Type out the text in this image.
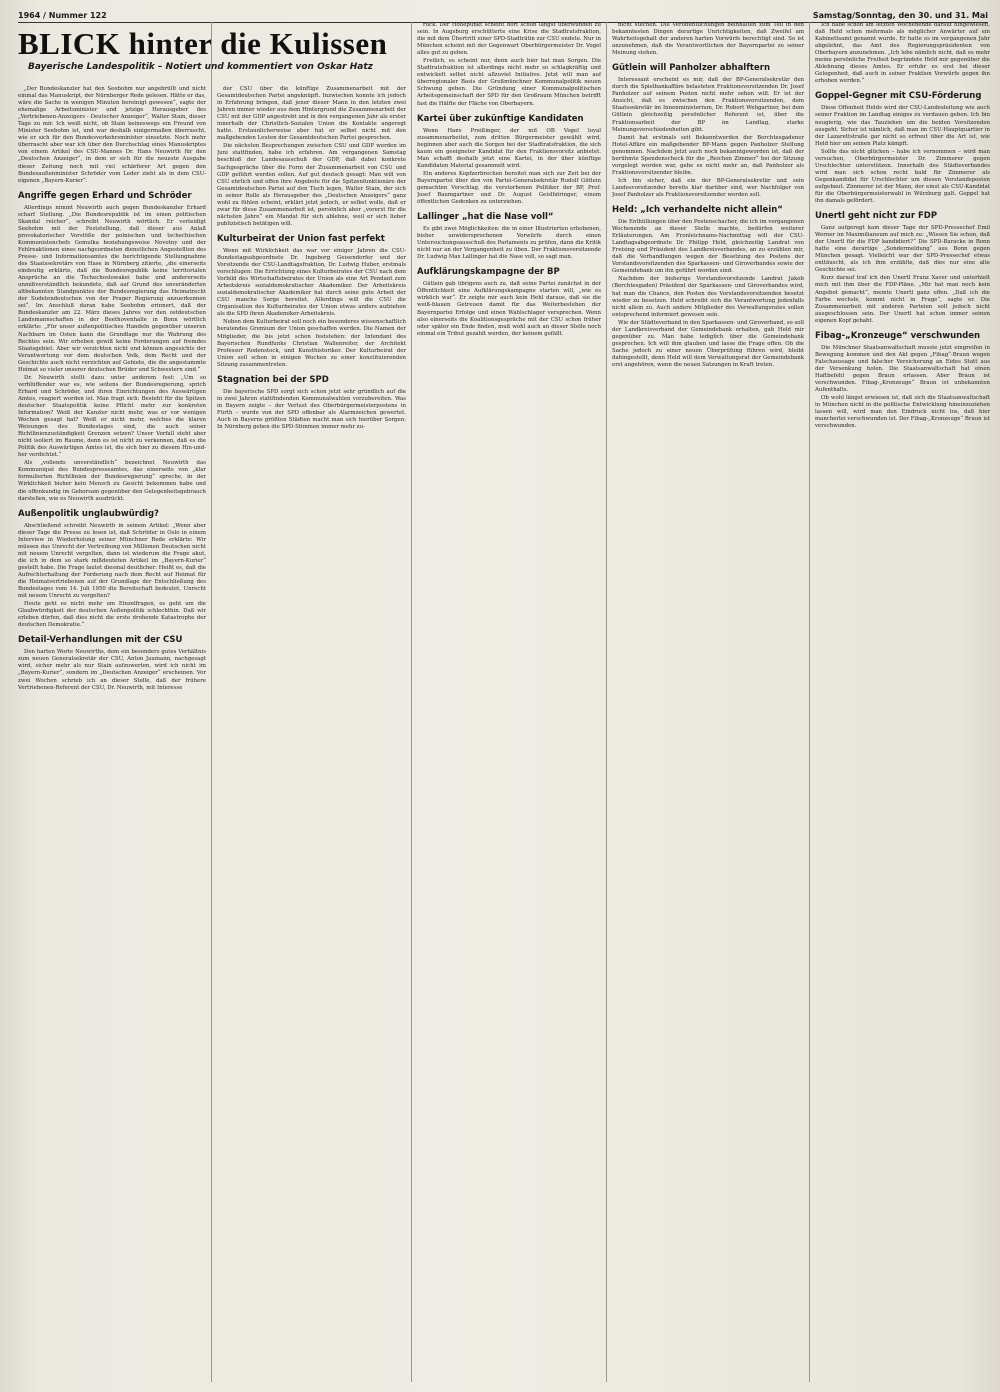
1964 / Nummer 122	Samstag/Sonntag, den 30. und 31. Mai
BLICK hinter die Kulissen
Bayerische Landespolitik – Notiert und kommentiert von Oskar Hatz

„Der Bundeskanzler hat den Seebohm nur angebrüllt und nicht einmal das Manuskript, der Nürnberger Rede gelesen. Hätte er das, wäre die Sache in wenigen Minuten bereinigt gewesen“, sagte der ehemalige Arbeitsminister und jetzige Herausgeber des „Vertriebenen-Anzeigers - Deutscher Anzeiger“, Walter Stain, dieser Tage zu mir. Ich weiß nicht, ob Stain keineswegs ein Freund von Minister Seebohm ist, und war deshalb einigermaßen überrascht, wie er sich für den Bundesverkehrsminister einsetzte. Noch mehr überrascht aber war ich über den Durchschlag eines Manuskriptes von einem Artikel des CSU-Mannes Dr. Hans Neuwirth für den „Deutschen Anzeiger“, in dem er sich für die neueste Ausgabe dieser Zeitung noch mit viel schärferer Art gegen den Bundesaußenminister Schröder vom Leder zieht als in dem CSU-eigenen „Bayern-Kurier“.

Angriffe gegen Erhard und Schröder

Allerdings nimmt Neuwirth auch gegen Bundeskanzler Erhard scharf Stellung. „Die Bundesrepublik ist im einen politischen Skandal reicher“, schreibt Neuwirth wörtlich. Er verteidigt Seebohm mit der Feststellung, daß dieser aus Anlaß provokatorischer Vorstöße der polnischen und tschechischen Kommunistenchefs Gomulka beziehungsweise Novotny und der Fehlreaktionen eines nachgeordneten dienstlichen Angestellten des Presse- und Informationsamtes die berichtigende Stellungnahme des Staatssekretärs von Hase in Nürnberg zitierte, „die einerseits eindeutig erklärte, daß die Bundesrepublik keine territorialen Ansprüche an die Tschechoslowakei habe und andererseits unmißverständlich bekundete, daß auf Grund des unveränderten altbekannten Standpunktes der Bundesregierung das Heimatrecht der Sudetendeutschen von der Prager Regierung anzuerkennen sei“. Im Anschluß daran habe Seebohm erinnert, daß der Bundeskanzler am 22. März dieses Jahres vor den ostdeutschen Landsmannschaften in der Beethovenhalle in Bonn wörtlich erklärte: „Für unser außenpolitisches Handeln gegenüber unseren Nachbarn im Osten kann die Grundlage nur die Wahrung des Rechtes sein. Wir erheben gewiß keine Forderungen auf fremdes Staatsgebiet. Aber wir verzichten nicht und können angesichts der Verantwortung vor dem deutschen Volk, dem Recht und der Geschichte auch nicht verzichten auf Gebiete, die die angestammte Heimat so vieler unserer deutschen Brüder und Schwestern sind.“

Dr. Neuwirth stellt dazu unter anderem fest: „Um so verblüffender war es, wie seitens der Bundesregierung, sprich Erhard und Schröder, und ihren Einrichtungen des Auswärtigen Amtes, reagiert worden ist. Man fragt sich: Besteht für die Spitzen deutscher Staatspolitik keine Pflicht mehr zur konkreten Information? Weiß der Kanzler nicht mehr, was er vor wenigen Wochen gesagt hat? Weiß er nicht mehr, welches die klaren Weisungen des Bundestages sind, die auch seiner Richtlinienzuständigkeit Grenzen setzen? Unser Vorfall steht aber nicht isoliert im Raume, denn es ist nicht zu verkennen, daß es die Politik des Auswärtigen Amtes ist, die sich hier zu diesem Hin-und-her verdichtet.“

Als „vollends unverständlich“ bezeichnet Neuwirth das Kommuniqué des Bundespresseamtes, das einerseits von „klar formulierten Richtlinien der Bundesregierung“ spreche, in der Wirklichkeit bisher kein Mensch zu Gesicht bekommen habe und die offenkundig im Gehorsam gegenüber den Gelegenheitsgebrauch darstellen, wie es Neuwirth ausdrückt.

Außenpolitik unglaubwürdig?

Abschließend schreibt Neuwirth in seinem Artikel: „Wenn aber dieser Tage die Presse zu lesen ist, daß Schröder in Oslo in einem Interview in Wiederholung seiner Münchner Rede erklärte: Wir müssen das Unrecht der Vertreibung von Millionen Deutschen nicht mit neuem Unrecht vergelten, dann ist wiederum die Frage akut, die ich in dem so stark mißdeuteten Artikel im „Bayern-Kurier“ gestellt habe. Die Frage lautet diesmal deutlicher: Heißt es, daß die Aufrechterhaltung der Forderung nach dem Recht auf Heimat für die Heimatvertriebenen auf der Grundlage der Entschließung des Bundestages vom 14. Juli 1950 die Bereitschaft bedeutet, Unrecht mit neuem Unrecht zu vergelten?

Heute geht es nicht mehr um Einzelfragen, es geht um die Glaubwürdigkeit der deutschen Außenpolitik schlechthin. Daß wir erleben dürfen, daß dies nicht die erste drohende Katastrophe der deutschen Demokratie.“

Detail-Verhandlungen mit der CSU

Den harten Worte Neuwirths, dem ein besonders gutes Verhältnis zum neuen Generalsekretär der CSU, Anton Jaumann, nachgesagt wird, sicher mehr als nur Stain aufzuwerten, wird ich nicht im „Bayern-Kurier“, sondern im „Deutschen Anzeiger“ erscheinen. Vor zwei Wochen schrieb ich an dieser Stelle, daß der frühere Vertriebenen-Referent der CSU, Dr. Neuwirth, mit Interesse

der CSU über die künftige Zusammenarbeit mit der Gesamtdeutschen Partei angeknüpft. Inzwischen konnte ich jedoch in Erfahrung bringen, daß jener dieser Mann in den letzten zwei Jahren immer wieder aus dem Hintergrund die Zusammenarbeit der CSU mit der GDP angestrebt und in den vergangenen Jahr als erster innerhalb der Christlich-Sozialen Union die Kontakte angeregt hatte. Erstaunlicherweise aber hat er selbst nicht mit den maßgebenden Leuten der Gesamtdeutschen Partei gesprochen.

Die nächsten Besprechungen zwischen CSU und GDP werden im Juni stattfinden, habe ich erfahren. Am vergangenen Samstag beschloß der Landesausschuß der GDP, daß dabei konkrete Sachgespräche über die Form der Zusammenarbeit von CSU und GDP geführt werden sollen. Auf gut deutsch gesagt: Man will von CSU ehrlich und offen ihre Angebote für die Spitzenfunktionäre der Gesamtdeutschen Partei auf den Tisch legen, Walter Stain, der sich in seiner Rolle als Herausgeber des „Deutschen Anzeigers“ ganz wohl zu fühlen scheint, erklärt jetzt jedoch, er selbst wolle, daß er zwar für diese Zusammenarbeit ist, persönlich aber „vorerst für die nächsten Jahre“ ein Mandat für sich ablehne, weil er sich lieber publizistisch betätigen will.

Kulturbeirat der Union fast perfekt

Wenn mit Wirklichkeit das war vor einiger Jahren die CSU-Bundestagsabgeordnete Dr. Ingeborg Geisendorfer und der Vorsitzende der CSU-Landtagsfraktion, Dr. Ludwig Huber, erstmals vorschlugen: Die Errichtung eines Kulturbeirates der CSU nach dem Vorbild des Wirtschaftsbeirates der Union als eine Art Pendant zum Arbeitskreis sozialdemokratischer Akademiker. Der Arbeitskreis sozialdemokratischer Akademiker hat durch seine gute Arbeit der CSU manche Sorge bereitet. Allerdings will die CSU die Organisation des Kulturbeirates der Union etwas anders aufziehen als die SPD ihren Akademiker-Arbeitskreis.

Neben dem Kulturbeirat soll noch ein besonderes wissenschaftlich beratendes Gremium der Union geschaffen werden. Die Namen der Mitglieder, die bis jetzt schon feststehen: der Intendant des Bayerischen Rundfunks Christian Wallenreiter, der Architekt Professor Rodenstock, und Kunsthistoriker. Der Kulturbeirat der Union soll schon in einigen Wochen zu einer konstituierenden Sitzung zusammentreten.

Stagnation bei der SPD

Die bayerische SPD sorgt sich schon jetzt sehr gründlich auf die in zwei Jahren stattfindenden Kommunalwahlen vorzubereiten. Was in Bayern zeigte – der Verlust des Oberbürgermeisterpostens in Fürth – wurde von der SPD offenbar als Alarmzeichen gewertet. Auch in Bayerns größten Städten macht man sich hierüber Sorgen: In Nürnberg gehen die SPD-Stimmen immer mehr zu-

rück. Der Höhepunkt scheint dort schon längst überwunden zu sein. In Augsburg erschütterte eine Krise die Stadtratsfraktion, die mit dem Übertritt einer SPD-Stadträtin zur CSU endete. Nur in München scheint mit der Gegenwart Oberbürgermeister Dr. Vogel alles gut zu gehen.

Freilich, es scheint nur, denn auch hier hat man Sorgen. Die Stadtratsfraktion ist allerdings nicht mehr so schlagkräftig und entwickelt selbst nicht allzuviel Initiative. Jetzt will man auf überregionaler Basis der Großmünchner Kommunalpolitik neuen Schwung geben. Die Gründung einer Kommunalpolitischen Arbeitsgemeinschaft der SPD für den Großraum München betrifft fast die Hälfte der Fläche von Oberbayern.

Kartei über zukünftige Kandidaten

Wenn Hans Preißinger, der mit OB Vogel loyal zusammenarbeitet, zum dritten Bürgermeister gewählt wird, beginnen aber auch die Sorgen bei der Stadtratsfraktion, die sich kaum ein geeigneter Kandidat für den Fraktionsvorsitz anbietet. Man schafft deshalb jetzt eine Kartei, in der über künftige Kandidaten Material gesammelt wird.

Ein anderes Kopfzerbrechen bereitet man sich zur Zeit bei der Bayernpartei über den von Partei-Generalsekretär Rudolf Gütlein gemachten Vorschlag, die verstorbenen Politiker der BP, Prof. Josef Baumgartner und Dr. August Geislhöringer, einem öffentlichen Gedenken zu unterziehen.

Lallinger „hat die Nase voll“

Es gibt zwei Möglichkeiten: die in einer Illustrierten erhobenen, bisher unwidersprochenen Vorwürfe durch einen Untersuchungsausschuß des Parlaments zu prüfen, dann die Kritik nicht nur an der Vergangenheit zu üben. Der Fraktionsvorsitzende Dr. Ludwig Max Lallinger hat die Nase voll, so sagt man.

Aufklärungskampagne der BP

Gütlein gab übrigens auch zu, daß seine Partei zunächst in der Öffentlichkeit eine Aufklärungskampagne starten will, „wie es wirklich war“. Er zeigte mir auch kein Hehl daraus, daß sie die weiß-blauen Getreuen damit für das Weiterbestehen der Bayernpartei Erfolge und einen Wahlschlager versprechen. Wenn also einerseits die Koalitionsgespräche mit der CSU schon früher oder später ein Ende finden, muß wohl auch an dieser Stelle noch einmal ein Tribut gezahlt werden, der keinem gefällt.

nicht stechen. Die Veröffentlichungen beinhalten zum Teil in den bekanntesten Dingen derartige Unrichtigkeiten, daß Zweifel am Wahrheitsgehalt der anderen harten Vorwürfe berechtigt sind. So ist anzunehmen, daß die Verantwortlichen der Bayernpartei zu seiner Meinung stehen.

Gütlein will Panholzer abhalftern

Interessant erscheint es mir, daß der BP-Generalsekretär den durch die Spielbankaffäre belasteten Fraktionsvorsitzenden Dr. Josef Panholzer auf seinem Posten nicht mehr sehen will. Er ist der Ansicht, daß es zwischen den Fraktionsvorsitzenden, dem Staatssekretär im Innenministerium, Dr. Robert Wehgartner, bei dem Gütlein gleichzeitig persönlicher Referent ist, über die Fraktionsarbeit der BP im Landtag, starke Meinungsverschiedenheiten gibt.

Damit hat erstmals seit Bekanntwerden der Berchtesgadener Hotel-Affäre ein maßgebender BP-Mann gegen Panholzer Stellung genommen. Nachdem jetzt auch noch bekanntgeworden ist, daß der berühmte Spendenscheck für die „Reichen Zimmer“ bei der Sitzung vorgelegt worden war, gehe es nicht mehr an, daß Panholzer als Fraktionsvorsitzender bleibe.

Ich bin sicher, daß ein der BP-Generalsekretär und sein Landesvorsitzender bereits klar darüber sind, wer Nachfolger von Josef Panholzer als Fraktionsvorsitzender werden soll.

Held: „Ich verhandelte nicht allein“

Die Enthüllungen über den Postenschacher, die ich im vergangenen Wochenende an dieser Stelle machte, bedürfen weiterer Erläuterungen. Am Fronleichnams-Nachmittag will der CSU-Landtagsabgeordnete Dr. Philipp Held, gleichzeitig Landrat von Freising und Präsident des Landkreisverbandes, an zu erzählen mir, daß die Verhandlungen wegen der Besetzung des Postens der Vorstandsvorsitzenden des Sparkassen- und Giroverbandes sowie der Gemeindebank um ihn geführt worden sind.

Nachdem der bisherige Vorstandsvorsitzende Landrat Jakob (Berchtesgaden) Präsident der Sparkassen- und Giroverbandes wird, hat man die Chance, den Posten des Vorstandsvorsitzenden besetzt wieder zu besetzen. Held schreibt sich die Verantwortung jedenfalls nicht allein zu. Auch andere Mitglieder des Verwaltungsrates sollen entsprechend informiert gewesen sein.

Wie der Städteverband in den Sparkassen- und Giroverband, so soll der Landkreisverband der Gemeindebank erhalten, gab Held mir gegenüber zu. Man habe lediglich über die Gemeindebank gesprochen. Ich will ihm glauben und lasse die Frage offen. Ob die Sache jedoch zu einer neuen Überprüfung führen wird, bleibt dahingestellt, denn Held will dem Verwaltungsrat der Gemeindebank erst angehören, wenn die neuen Satzungen in Kraft treten.

Ich habe schon am letzten Wochenende darauf hingewiesen, daß Held schon mehrmals als möglicher Anwärter auf ein Kabinettsamt genannt wurde. Er hatte es im vergangenen Jahr abgelehnt, das Amt des Regierungspräsidenten von Oberbayern anzunehmen. „Ich lebe nämlich nicht, daß es mehr meine persönliche Freiheit begründete Held mir gegenüber die Ablehnung dieses Amtes. Er erfuhr es erst bei dieser Gelegenheit, daß auch in seiner Fraktion Vorwürfe gegen ihn erhoben werden.“

Goppel-Gegner mit CSU-Förderung

Diese Offenheit Helds wird der CSU-Landesleitung wie auch seiner Fraktion im Landtag einiges zu verdauen geben. Ich bin neugierig, wie das Tauziehen um die beiden Vorsitzenden ausgeht. Sicher ist nämlich, daß man im CSU-Hauptquartier in der Lazarettstraße gar nicht so erfreut über die Art ist, wie Held hier um seinen Platz kämpft.

Sollte das nicht glücken – habe ich vernommen – wird man versuchen, Oberbürgermeister Dr. Zimmerer gegen Urschlechter unterstützen. Innerhalb des Städteverbandes wird man sich schon recht bald für Zimmerer als Gegenkandidat für Urschlechter um diesen Vorstandsposten aufgebaut. Zimmerer ist der Mann, der einst als CSU-Kandidat für die Oberbürgermeisterwahl in Würzburg galt. Goppel hat ihn damals gefördert.

Unertl geht nicht zur FDP

Ganz aufgeregt kam dieser Tage der SPD-Pressechef Emil Werner im Maximilianeum auf mich zu: „Wissen Sie schon, daß der Unertl für die FDP kandidiert?“ Die SPD-Baracke in Bonn hatte eine derartige „Sondermeldung“ aus Bonn gegen München gesagt. Vielleicht war der SPD-Pressechef etwas enttäuscht, als ich ihm erzählte, daß dies nur eine alte Geschichte sei.

Kurz darauf traf ich den Unertl Franz Xaver und unterhielt mich mit ihm über die FDP-Pläne. „Mir hat man noch kein Angebot gemacht“, meinte Unertl ganz offen. „Daß ich die Farbe wechsle, kommt nicht in Frage“, sagte er. Die Zusammenarbeit mit anderen Parteien soll jedoch nicht ausgeschlossen sein. Der Unertl hat schon immer seinen eigenen Kopf gehabt.

Fibag-„Kronzeuge“ verschwunden

Die Münchner Staatsanwaltschaft musste jetzt eingreifen in Bewegung kommen und den Akt gegen „Fibag“-Braun wegen Falschaussage und falscher Versicherung an Eides Statt aus der Versenkung holen. Die Staatsanwaltschaft hat einen Haftbefehl gegen Braun erlassen. Aber Braun ist verschwunden. Fibag-„Kronzeuge“ Braun ist unbekannten Aufenthalts.

Ob wohl längst erwiesen ist, daß sich die Staatsanwaltschaft in München nicht in die politische Entwicklung hineinzuziehen lassen will, wird man den Eindruck nicht los, daß hier mancherlei verschwunden ist. Der Fibag-„Kronzeuge“ Braun ist verschwunden.
